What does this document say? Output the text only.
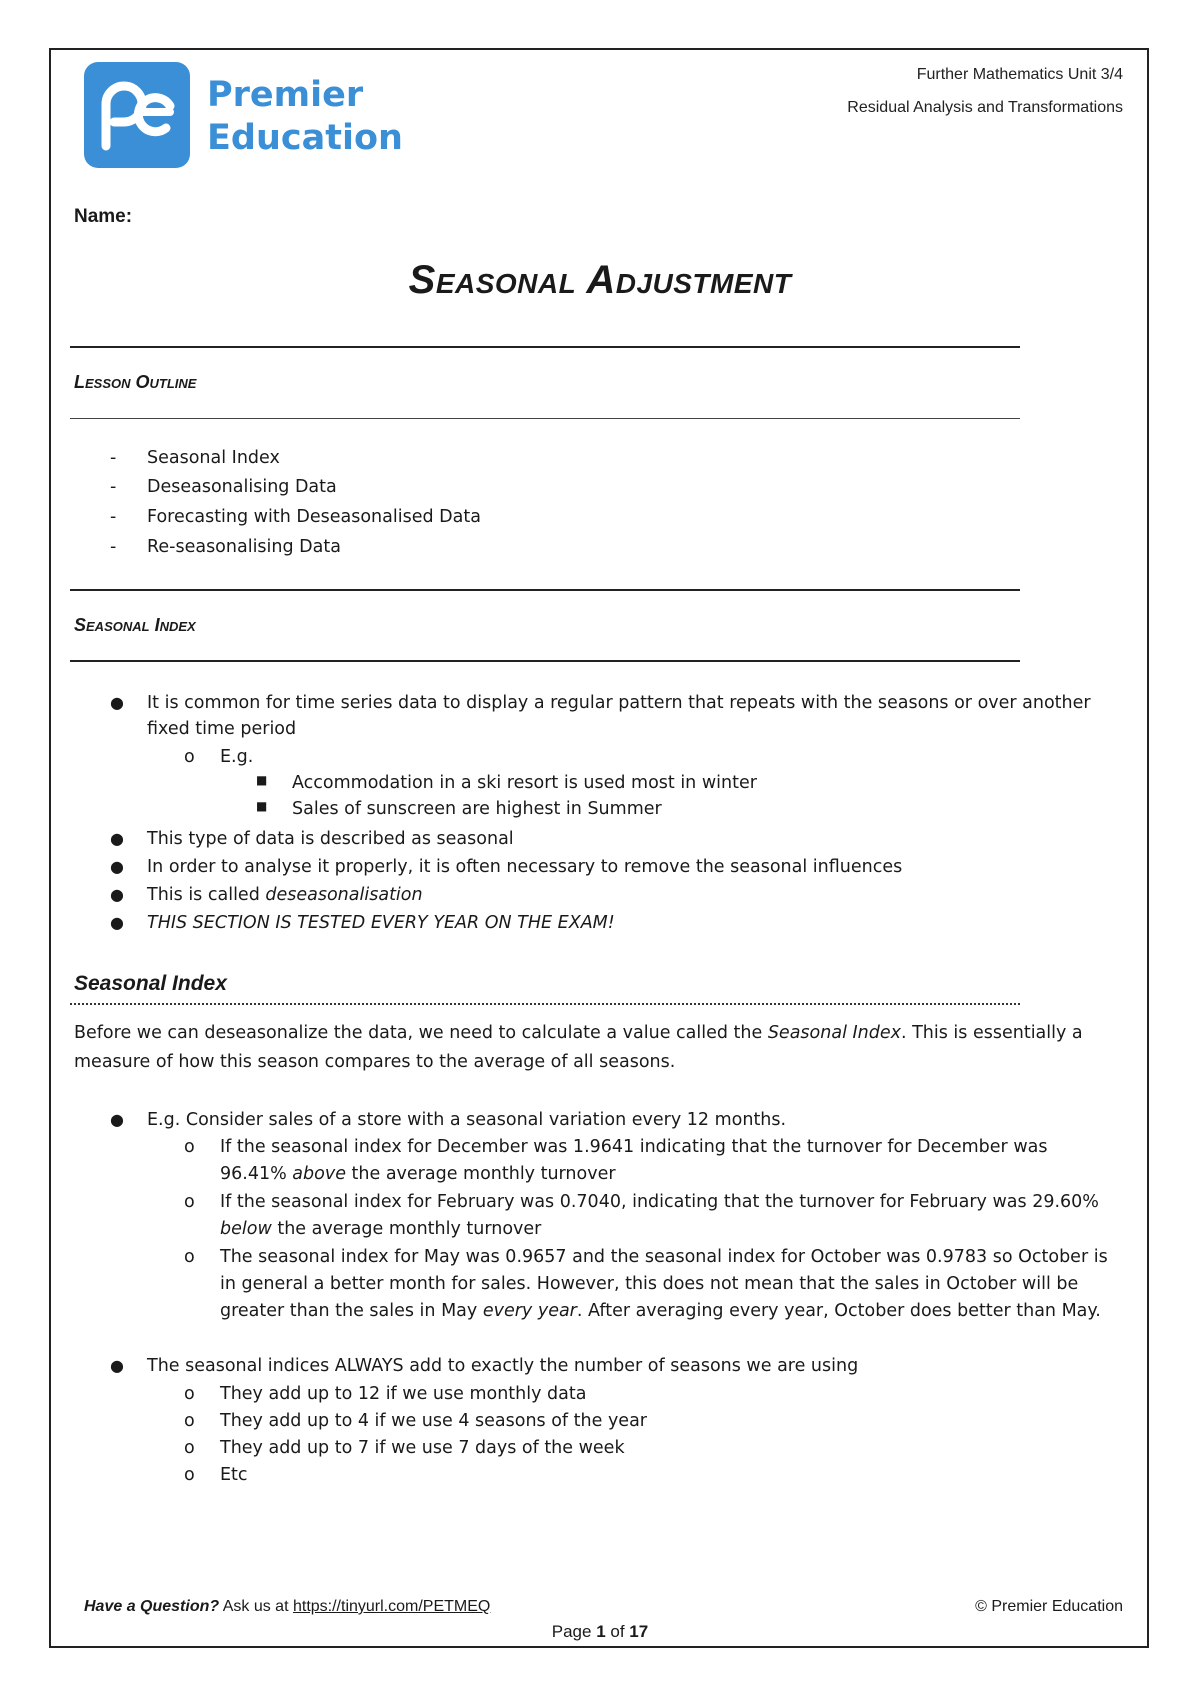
Premier
Education
Further Mathematics Unit 3/4
Residual Analysis and Transformations
Name:
Seasonal Adjustment
Lesson Outline
- Seasonal Index
- Deseasonalising Data
- Forecasting with Deseasonalised Data
- Re-seasonalising Data
Seasonal Index
● It is common for time series data to display a regular pattern that repeats with the seasons or over another
fixed time period
o E.g.
■ Accommodation in a ski resort is used most in winter
■ Sales of sunscreen are highest in Summer
● This type of data is described as seasonal
● In order to analyse it properly, it is often necessary to remove the seasonal influences
● This is called deseasonalisation
● THIS SECTION IS TESTED EVERY YEAR ON THE EXAM!
Seasonal Index
Before we can deseasonalize the data, we need to calculate a value called the Seasonal Index. This is essentially a
measure of how this season compares to the average of all seasons.
● E.g. Consider sales of a store with a seasonal variation every 12 months.
o If the seasonal index for December was 1.9641 indicating that the turnover for December was
96.41% above the average monthly turnover
o If the seasonal index for February was 0.7040, indicating that the turnover for February was 29.60%
below the average monthly turnover
o The seasonal index for May was 0.9657 and the seasonal index for October was 0.9783 so October is
in general a better month for sales. However, this does not mean that the sales in October will be
greater than the sales in May every year. After averaging every year, October does better than May.
● The seasonal indices ALWAYS add to exactly the number of seasons we are using
o They add up to 12 if we use monthly data
o They add up to 4 if we use 4 seasons of the year
o They add up to 7 if we use 7 days of the week
o Etc
Have a Question? Ask us at https://tinyurl.com/PETMEQ	© Premier Education
Page 1 of 17
